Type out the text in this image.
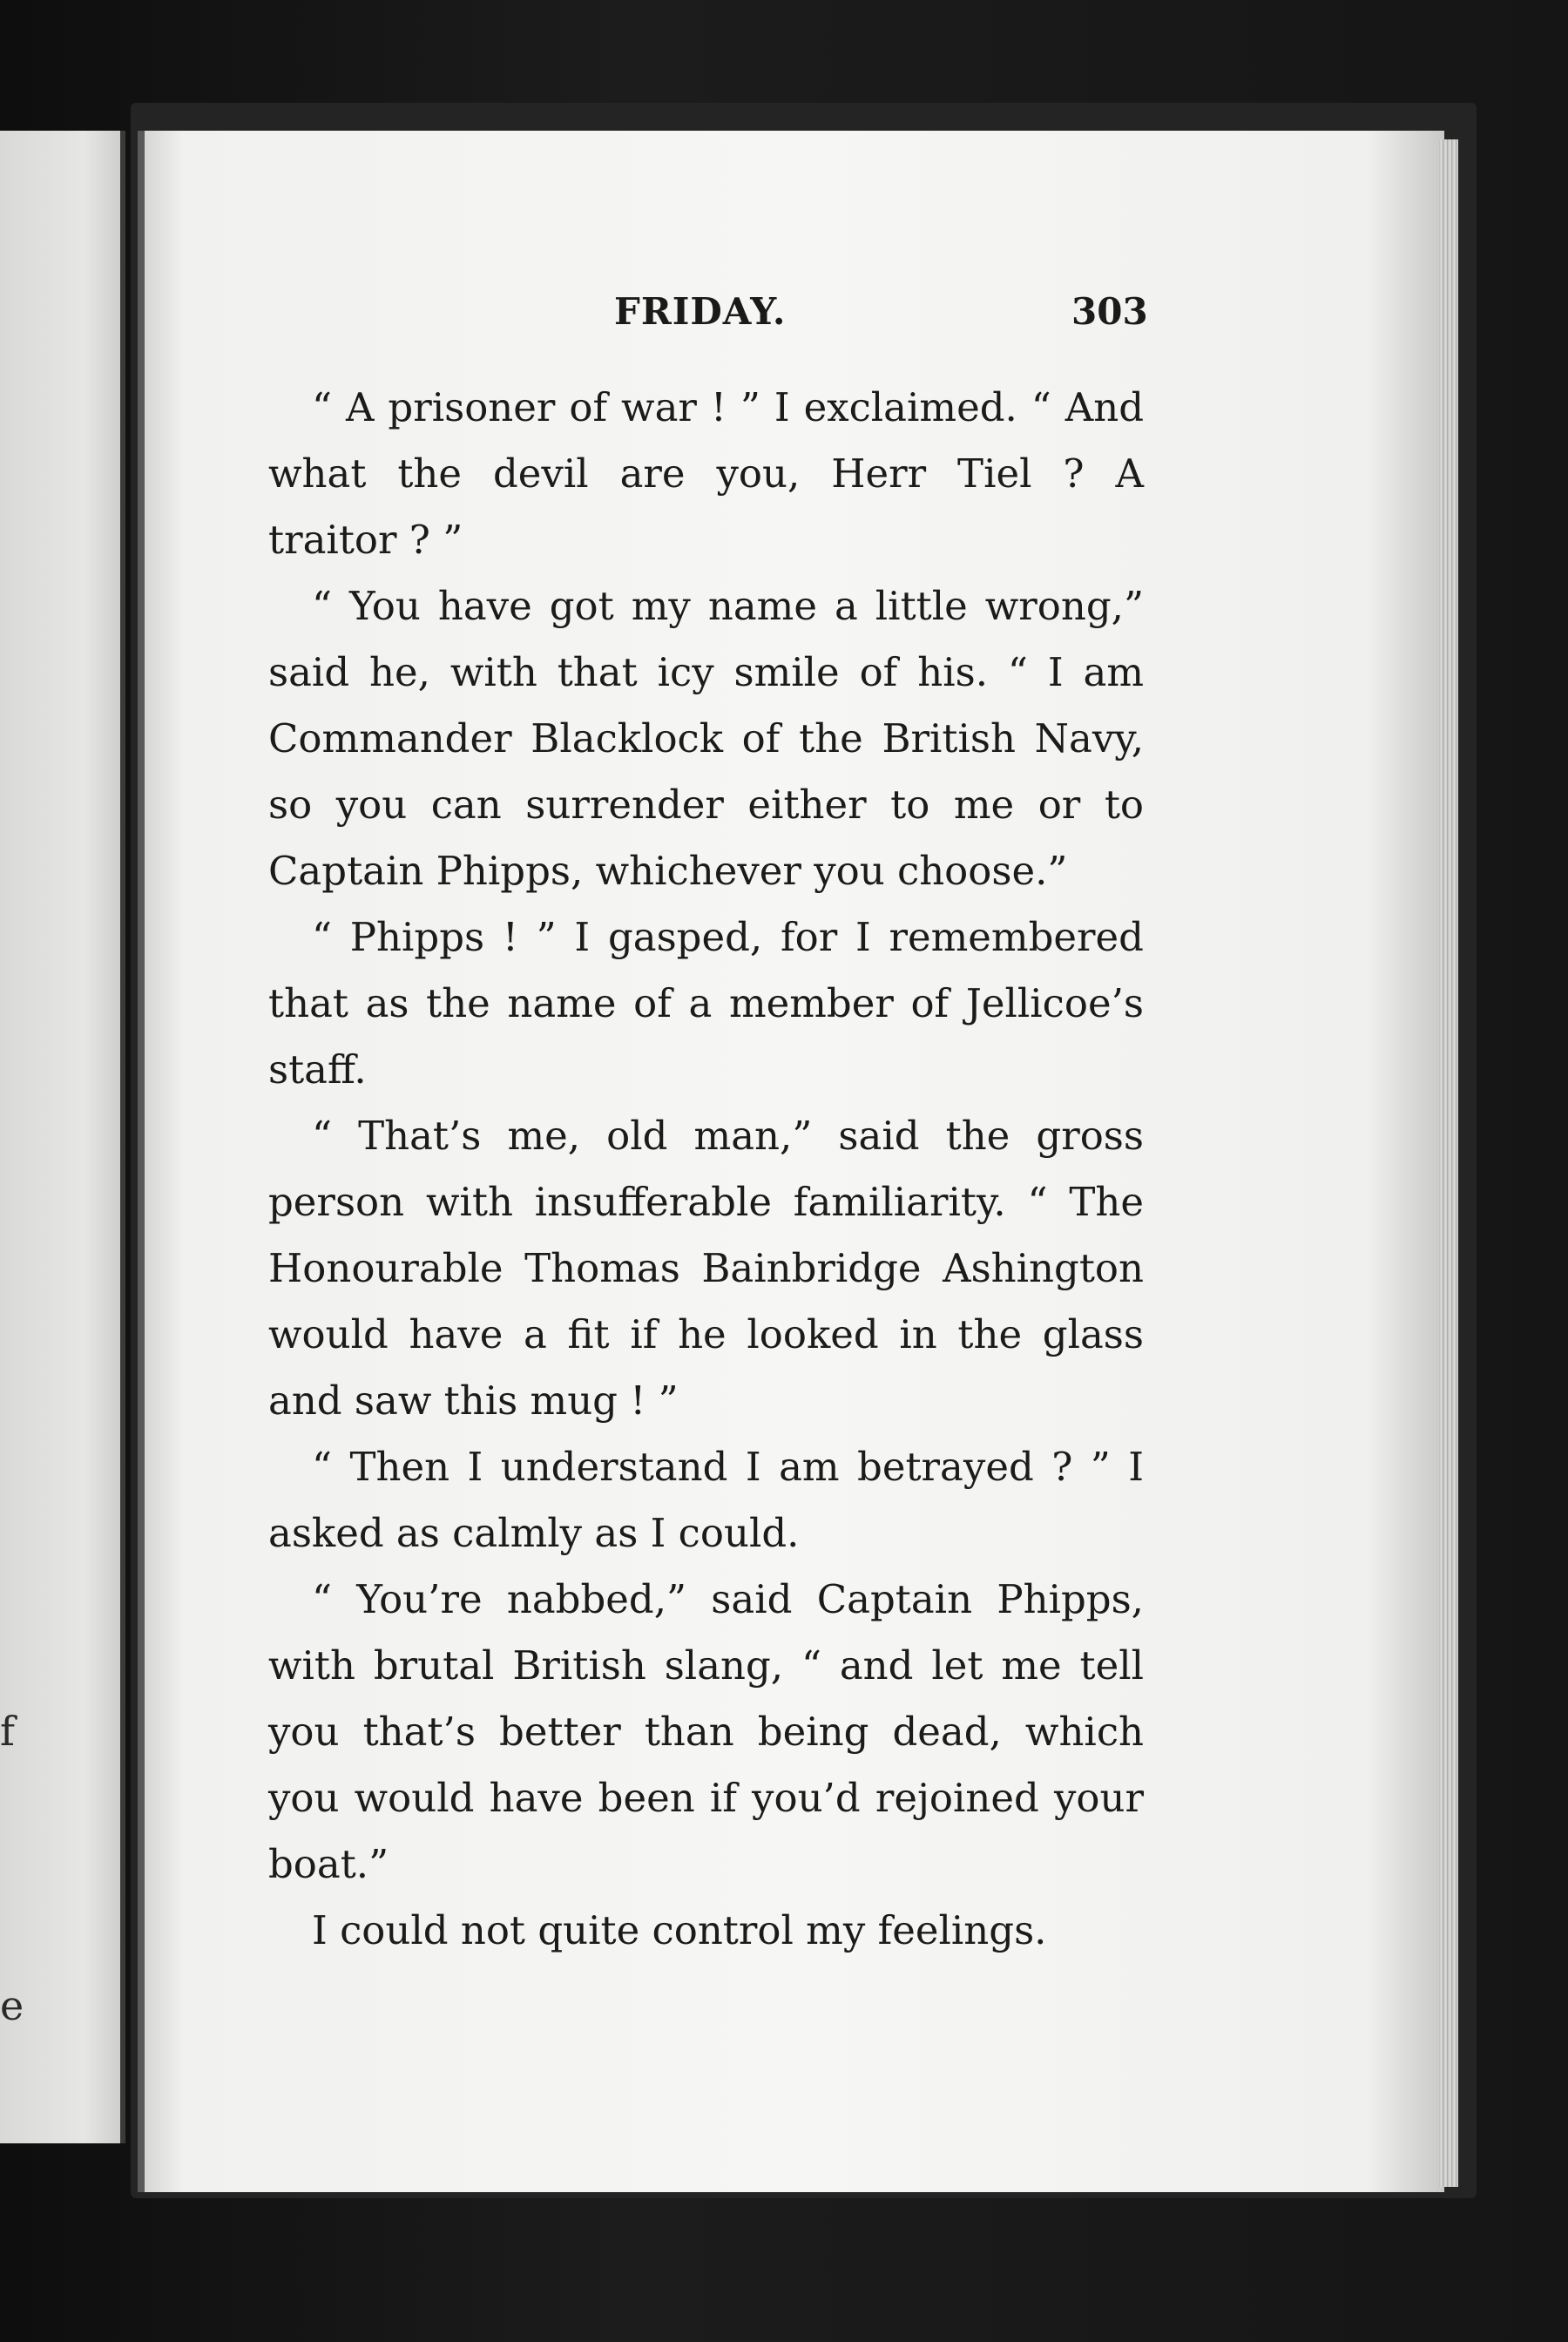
f
e
FRIDAY.	303
“ A prisoner of war ! ” I exclaimed. “ And
what the devil are you, Herr Tiel ? A
traitor ? ”
“ You have got my name a little wrong,”
said he, with that icy smile of his. “ I am
Commander Blacklock of the British Navy,
so you can surrender either to me or to
Captain Phipps, whichever you choose.”
“ Phipps ! ” I gasped, for I remembered
that as the name of a member of Jellicoe’s
staff.
“ That’s me, old man,” said the gross
person with insufferable familiarity. “ The
Honourable Thomas Bainbridge Ashington
would have a fit if he looked in the glass
and saw this mug ! ”
“ Then I understand I am betrayed ? ” I
asked as calmly as I could.
“ You’re nabbed,” said Captain Phipps,
with brutal British slang, “ and let me tell
you that’s better than being dead, which
you would have been if you’d rejoined your
boat.”
I could not quite control my feelings.
